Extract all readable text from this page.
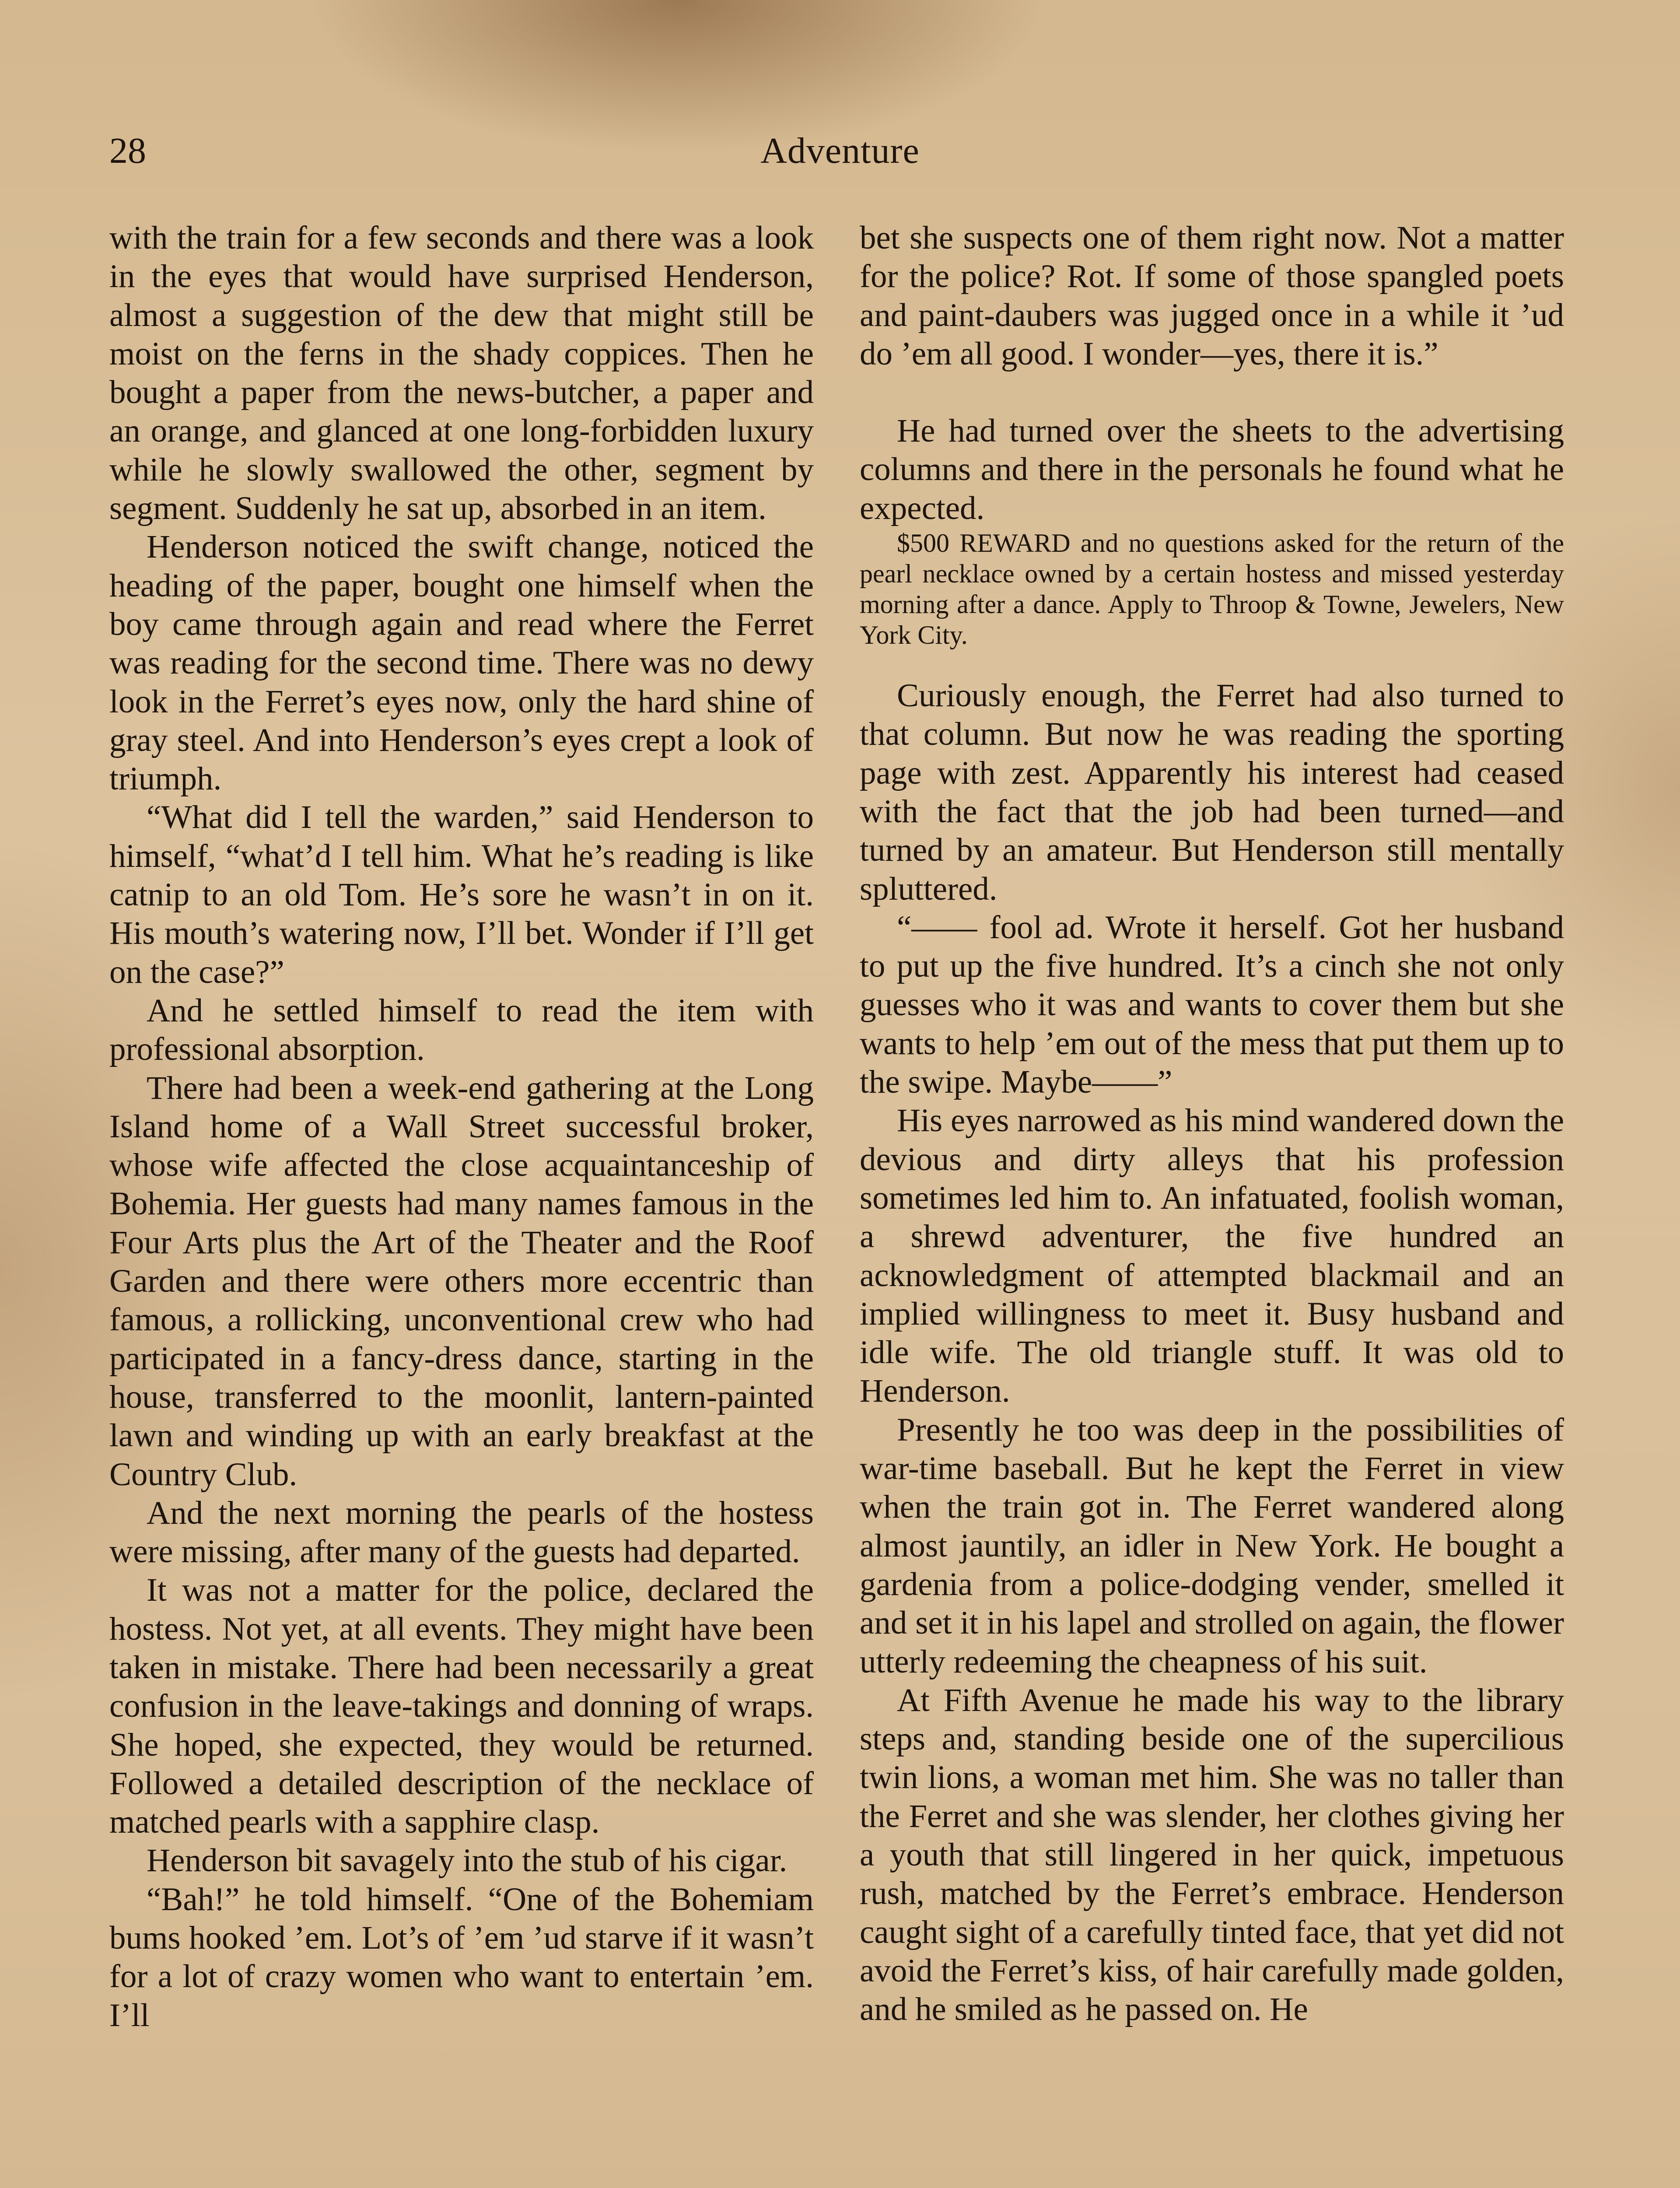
28	Adventure

with the train for a few seconds and there was a look in the eyes that would have surprised Henderson, almost a suggestion of the dew that might still be moist on the ferns in the shady coppices. Then he bought a paper from the news-butcher, a paper and an orange, and glanced at one long-forbidden luxury while he slowly swallowed the other, segment by segment. Suddenly he sat up, absorbed in an item.

Henderson noticed the swift change, noticed the heading of the paper, bought one himself when the boy came through again and read where the Ferret was reading for the second time. There was no dewy look in the Ferret’s eyes now, only the hard shine of gray steel. And into Henderson’s eyes crept a look of triumph.

“What did I tell the warden,” said Henderson to himself, “what’d I tell him. What he’s reading is like catnip to an old Tom. He’s sore he wasn’t in on it. His mouth’s watering now, I’ll bet. Wonder if I’ll get on the case?”

And he settled himself to read the item with professional absorption.

There had been a week-end gathering at the Long Island home of a Wall Street successful broker, whose wife affected the close acquaintanceship of Bohemia. Her guests had many names famous in the Four Arts plus the Art of the Theater and the Roof Garden and there were others more eccentric than famous, a rollicking, unconventional crew who had participated in a fancy-dress dance, starting in the house, transferred to the moonlit, lantern-painted lawn and winding up with an early breakfast at the Country Club.

And the next morning the pearls of the hostess were missing, after many of the guests had departed.

It was not a matter for the police, declared the hostess. Not yet, at all events. They might have been taken in mistake. There had been necessarily a great confusion in the leave-takings and donning of wraps. She hoped, she expected, they would be returned. Followed a detailed description of the necklace of matched pearls with a sapphire clasp.

Henderson bit savagely into the stub of his cigar.

“Bah!” he told himself. “One of the Bohemiam bums hooked ’em. Lot’s of ’em ’ud starve if it wasn’t for a lot of crazy women who want to entertain ’em. I’ll

bet she suspects one of them right now. Not a matter for the police? Rot. If some of those spangled poets and paint-daubers was jugged once in a while it ’ud do ’em all good. I wonder—yes, there it is.”

He had turned over the sheets to the advertising columns and there in the personals he found what he expected.

$500 REWARD and no questions asked for the return of the pearl necklace owned by a certain hostess and missed yesterday morning after a dance. Apply to Throop & Towne, Jewelers, New York City.

Curiously enough, the Ferret had also turned to that column. But now he was reading the sporting page with zest. Apparently his interest had ceased with the fact that the job had been turned—and turned by an amateur. But Henderson still mentally spluttered.

“—— fool ad. Wrote it herself. Got her husband to put up the five hundred. It’s a cinch she not only guesses who it was and wants to cover them but she wants to help ’em out of the mess that put them up to the swipe. Maybe——”

His eyes narrowed as his mind wandered down the devious and dirty alleys that his profession sometimes led him to. An infatuated, foolish woman, a shrewd adventurer, the five hundred an acknowledgment of attempted blackmail and an implied willingness to meet it. Busy husband and idle wife. The old triangle stuff. It was old to Henderson.

Presently he too was deep in the possibilities of war-time baseball. But he kept the Ferret in view when the train got in. The Ferret wandered along almost jauntily, an idler in New York. He bought a gardenia from a police-dodging vender, smelled it and set it in his lapel and strolled on again, the flower utterly redeeming the cheapness of his suit.

At Fifth Avenue he made his way to the library steps and, standing beside one of the supercilious twin lions, a woman met him. She was no taller than the Ferret and she was slender, her clothes giving her a youth that still lingered in her quick, impetuous rush, matched by the Ferret’s embrace. Henderson caught sight of a carefully tinted face, that yet did not avoid the Ferret’s kiss, of hair carefully made golden, and he smiled as he passed on. He
